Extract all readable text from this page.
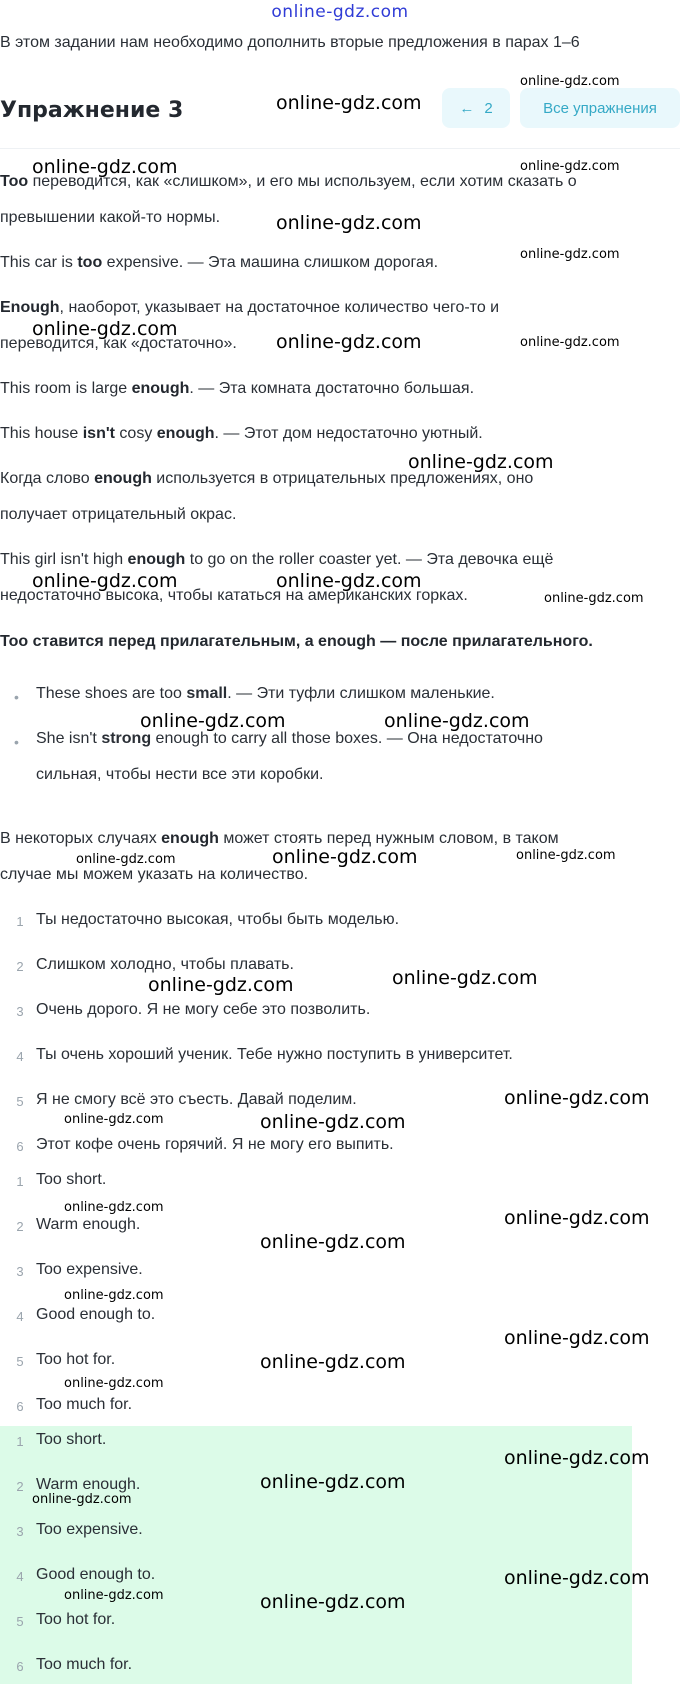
online-gdz.com
В этом задании нам необходимо дополнить вторые предложения в парах 1–6
Упражнение 3	← 2	Все упражнения
Too переводится, как «слишком», и его мы используем, если хотим сказать о
превышении какой-то нормы.
This car is too expensive. — Эта машина слишком дорогая.
Enough, наоборот, указывает на достаточное количество чего-то и
переводится, как «достаточно».
This room is large enough. — Эта комната достаточно большая.
This house isn't cosy enough. — Этот дом недостаточно уютный.
Когда слово enough используется в отрицательных предложениях, оно
получает отрицательный окрас.
This girl isn't high enough to go on the roller coaster yet. — Эта девочка ещё
недостаточно высока, чтобы кататься на американских горках.
Too ставится перед прилагательным, а enough — после прилагательного.
• These shoes are too small. — Эти туфли слишком маленькие.
• She isn't strong enough to carry all those boxes. — Она недостаточно
сильная, чтобы нести все эти коробки.
В некоторых случаях enough может стоять перед нужным словом, в таком
случае мы можем указать на количество.
1 Ты недостаточно высокая, чтобы быть моделью.
2 Слишком холодно, чтобы плавать.
3 Очень дорого. Я не могу себе это позволить.
4 Ты очень хороший ученик. Тебе нужно поступить в университет.
5 Я не смогу всё это съесть. Давай поделим.
6 Этот кофе очень горячий. Я не могу его выпить.
1 Too short.
2 Warm enough.
3 Too expensive.
4 Good enough to.
5 Too hot for.
6 Too much for.
1 Too short.
2 Warm enough.
3 Too expensive.
4 Good enough to.
5 Too hot for.
6 Too much for.
online-gdz.com
online-gdz.com
online-gdz.com	online-gdz.com
online-gdz.com
online-gdz.com
online-gdz.com
online-gdz.com	online-gdz.com
online-gdz.com
online-gdz.com	online-gdz.com
online-gdz.com
online-gdz.com	online-gdz.com
online-gdz.com	online-gdz.com	online-gdz.com
online-gdz.com	online-gdz.com
online-gdz.com
online-gdz.com	online-gdz.com
online-gdz.com	online-gdz.com
online-gdz.com
online-gdz.com
online-gdz.com
online-gdz.com
online-gdz.com
online-gdz.com
online-gdz.com
online-gdz.com
online-gdz.com
online-gdz.com	online-gdz.com
